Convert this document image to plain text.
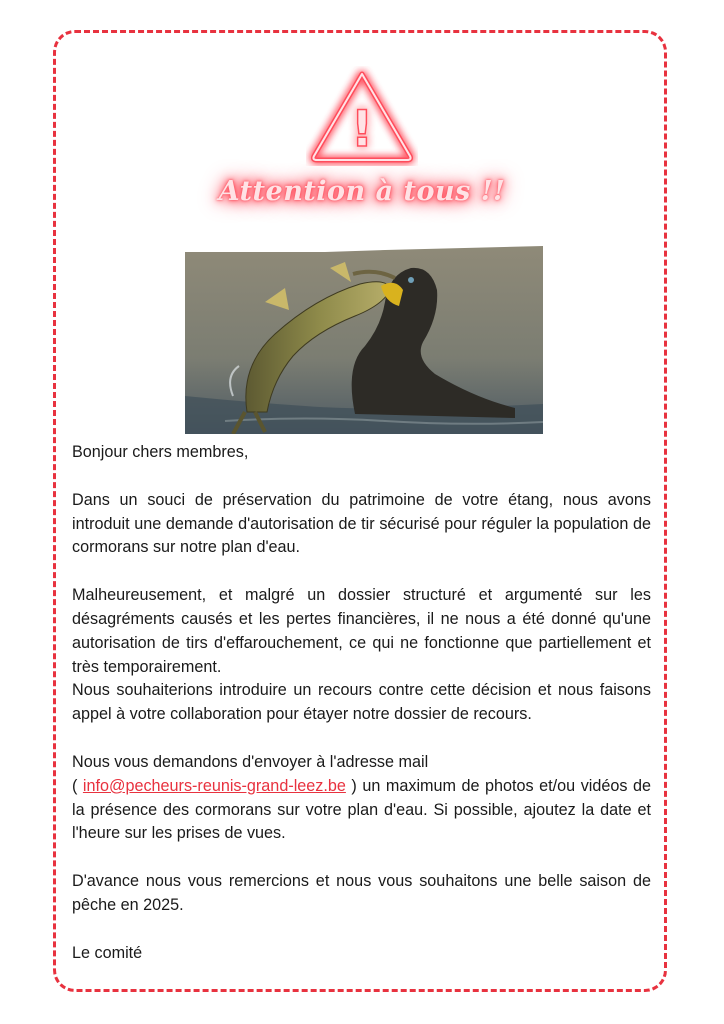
!
Attention à tous !!

Bonjour chers membres,

Dans un souci de préservation du patrimoine de votre étang, nous avons introduit une demande d'autorisation de tir sécurisé pour réguler la population de cormorans sur notre plan d'eau.

Malheureusement, et malgré un dossier structuré et argumenté sur les désagréments causés et les pertes financières, il ne nous a été donné qu'une autorisation de tirs d'effarouchement, ce qui ne fonctionne que partiellement et très temporairement.

Nous souhaiterions introduire un recours contre cette décision et nous faisons appel à votre collaboration pour étayer notre dossier de recours.

Nous vous demandons d'envoyer à l'adresse mail

( info@pecheurs-reunis-grand-leez.be ) un maximum de photos et/ou vidéos de la présence des cormorans sur votre plan d'eau. Si possible, ajoutez la date et l'heure sur les prises de vues.

D'avance nous vous remercions et nous vous souhaitons une belle saison de pêche en 2025.

Le comité
